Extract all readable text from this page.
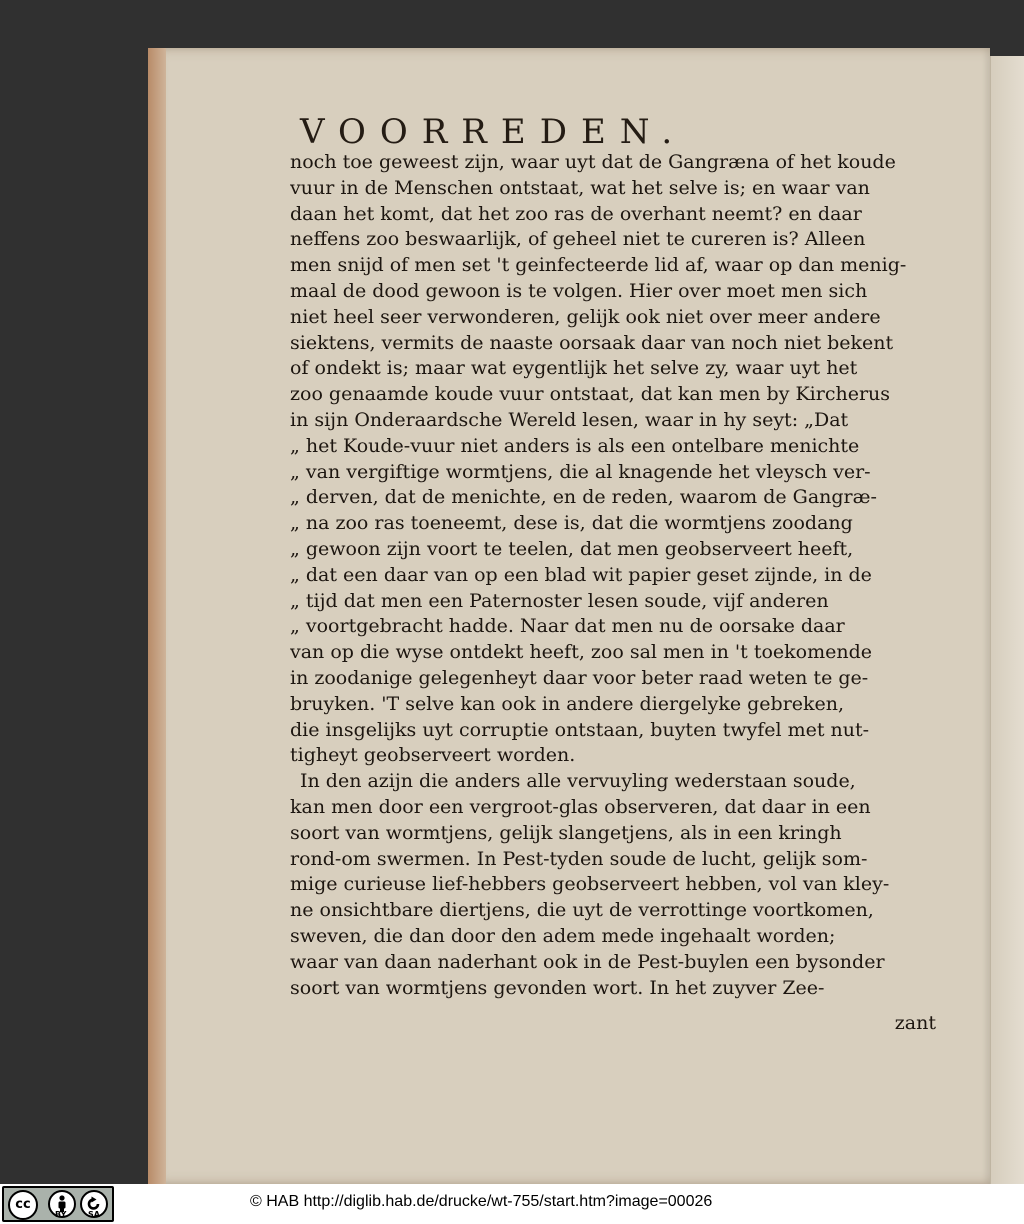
VOORREDEN.
noch toe geweest zijn, waar uyt dat de Gangræna of het koude
vuur in de Menschen ontstaat, wat het selve is; en waar van
daan het komt, dat het zoo ras de overhant neemt? en daar
neffens zoo beswaarlijk, of geheel niet te cureren is? Alleen
men snijd of men set 't geinfecteerde lid af, waar op dan menig-
maal de dood gewoon is te volgen. Hier over moet men sich
niet heel seer verwonderen, gelijk ook niet over meer andere
siektens, vermits de naaste oorsaak daar van noch niet bekent
of ondekt is; maar wat eygentlijk het selve zy, waar uyt het
zoo genaamde koude vuur ontstaat, dat kan men by Kircherus
in sijn Onderaardsche Wereld lesen, waar in hy seyt: „Dat
„ het Koude-vuur niet anders is als een ontelbare menichte
„ van vergiftige wormtjens, die al knagende het vleysch ver-
„ derven, dat de menichte, en de reden, waarom de Gangræ-
„ na zoo ras toeneemt, dese is, dat die wormtjens zoodang
„ gewoon zijn voort te teelen, dat men geobserveert heeft,
„ dat een daar van op een blad wit papier geset zijnde, in de
„ tijd dat men een Paternoster lesen soude, vijf anderen
„ voortgebracht hadde. Naar dat men nu de oorsake daar
van op die wyse ontdekt heeft, zoo sal men in 't toekomende
in zoodanige gelegenheyt daar voor beter raad weten te ge-
bruyken. 'T selve kan ook in andere diergelyke gebreken,
die insgelijks uyt corruptie ontstaan, buyten twyfel met nut-
tigheyt geobserveert worden.
In den azijn die anders alle vervuyling wederstaan soude,
kan men door een vergroot-glas observeren, dat daar in een
soort van wormtjens, gelijk slangetjens, als in een kringh
rond-om swermen. In Pest-tyden soude de lucht, gelijk som-
mige curieuse lief-hebbers geobserveert hebben, vol van kley-
ne onsichtbare diertjens, die uyt de verrottinge voortkomen,
sweven, die dan door den adem mede ingehaalt worden;
waar van daan naderhant ook in de Pest-buylen een bysonder
soort van wormtjens gevonden wort. In het zuyver Zee-
zant
cc
BY	SA
© HAB http://diglib.hab.de/drucke/wt-755/start.htm?image=00026
